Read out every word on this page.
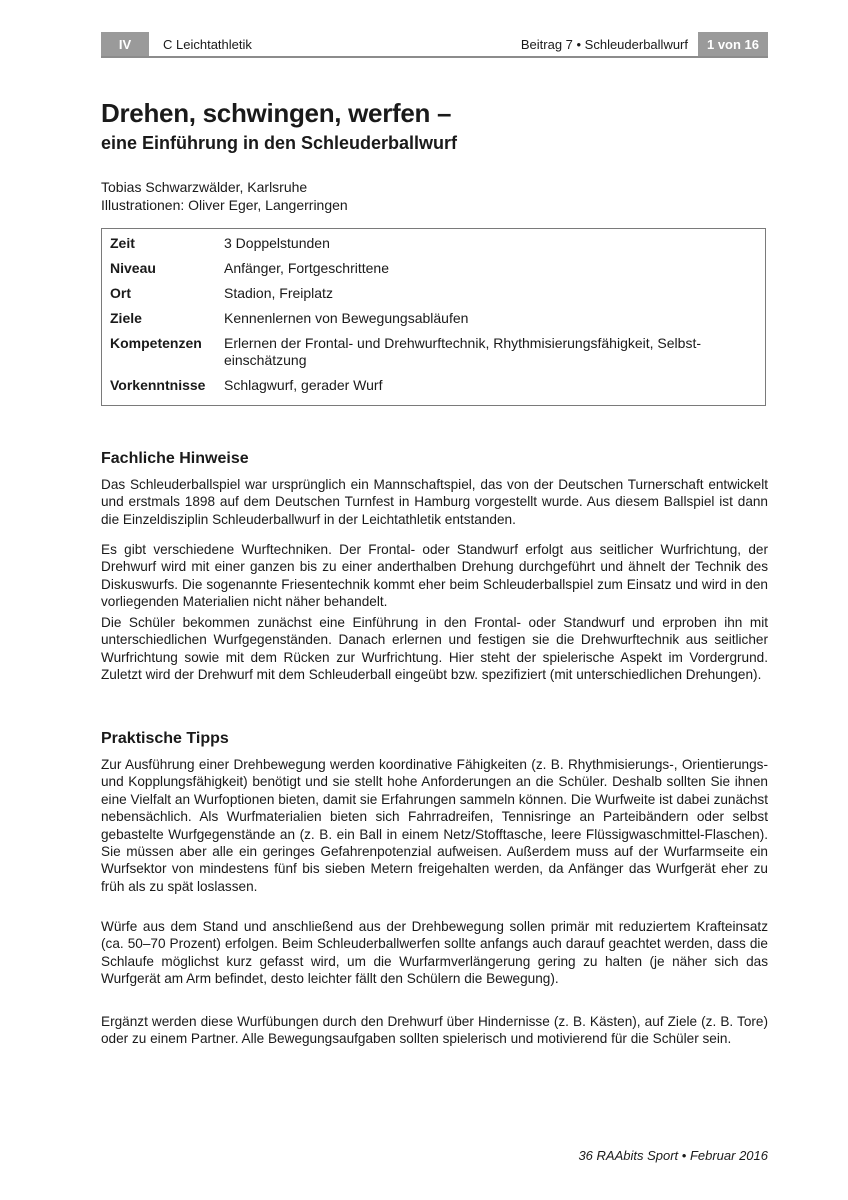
IV	C Leichtathletik	Beitrag 7 • Schleuderballwurf	1 von 16
Drehen, schwingen, werfen –
eine Einführung in den Schleuderballwurf
Tobias Schwarzwälder, Karlsruhe
Illustrationen: Oliver Eger, Langerringen
Zeit	3 Doppelstunden
Niveau	Anfänger, Fortgeschrittene
Ort	Stadion, Freiplatz
Ziele	Kennenlernen von Bewegungsabläufen
Kompetenzen	Erlernen der Frontal- und Drehwurftechnik, Rhythmisierungsfähigkeit, Selbsteinschätzung
Vorkenntnisse	Schlagwurf, gerader Wurf
Fachliche Hinweise
Das Schleuderballspiel war ursprünglich ein Mannschaftspiel, das von der Deutschen Turnerschaft entwickelt und erstmals 1898 auf dem Deutschen Turnfest in Hamburg vorgestellt wurde. Aus diesem Ballspiel ist dann die Einzeldisziplin Schleuderballwurf in der Leichtathletik entstanden.
Es gibt verschiedene Wurftechniken. Der Frontal- oder Standwurf erfolgt aus seitlicher Wurfrichtung, der Drehwurf wird mit einer ganzen bis zu einer anderthalben Drehung durchgeführt und ähnelt der Technik des Diskuswurfs. Die sogenannte Friesentechnik kommt eher beim Schleuderballspiel zum Einsatz und wird in den vorliegenden Materialien nicht näher behandelt.
Die Schüler bekommen zunächst eine Einführung in den Frontal- oder Standwurf und erproben ihn mit unterschiedlichen Wurfgegenständen. Danach erlernen und festigen sie die Drehwurftechnik aus seitlicher Wurfrichtung sowie mit dem Rücken zur Wurfrichtung. Hier steht der spielerische Aspekt im Vordergrund. Zuletzt wird der Drehwurf mit dem Schleuderball eingeübt bzw. spezifiziert (mit unterschiedlichen Drehungen).
Praktische Tipps
Zur Ausführung einer Drehbewegung werden koordinative Fähigkeiten (z. B. Rhythmisierungs-, Orientierungs- und Kopplungsfähigkeit) benötigt und sie stellt hohe Anforderungen an die Schüler. Deshalb sollten Sie ihnen eine Vielfalt an Wurfoptionen bieten, damit sie Erfahrungen sammeln können. Die Wurfweite ist dabei zunächst nebensächlich. Als Wurfmaterialien bieten sich Fahrradreifen, Tennisringe an Parteibändern oder selbst gebastelte Wurfgegenstände an (z. B. ein Ball in einem Netz/Stofftasche, leere Flüssigwaschmittel-Flaschen). Sie müssen aber alle ein geringes Gefahrenpotenzial aufweisen. Außerdem muss auf der Wurfarmseite ein Wurfsektor von mindestens fünf bis sieben Metern freigehalten werden, da Anfänger das Wurfgerät eher zu früh als zu spät loslassen.
Würfe aus dem Stand und anschließend aus der Drehbewegung sollen primär mit reduziertem Krafteinsatz (ca. 50–70 Prozent) erfolgen. Beim Schleuderballwerfen sollte anfangs auch darauf geachtet werden, dass die Schlaufe möglichst kurz gefasst wird, um die Wurfarmverlängerung gering zu halten (je näher sich das Wurfgerät am Arm befindet, desto leichter fällt den Schülern die Bewegung).
Ergänzt werden diese Wurfübungen durch den Drehwurf über Hindernisse (z. B. Kästen), auf Ziele (z. B. Tore) oder zu einem Partner. Alle Bewegungsaufgaben sollten spielerisch und motivierend für die Schüler sein.
36 RAAbits Sport • Februar 2016
